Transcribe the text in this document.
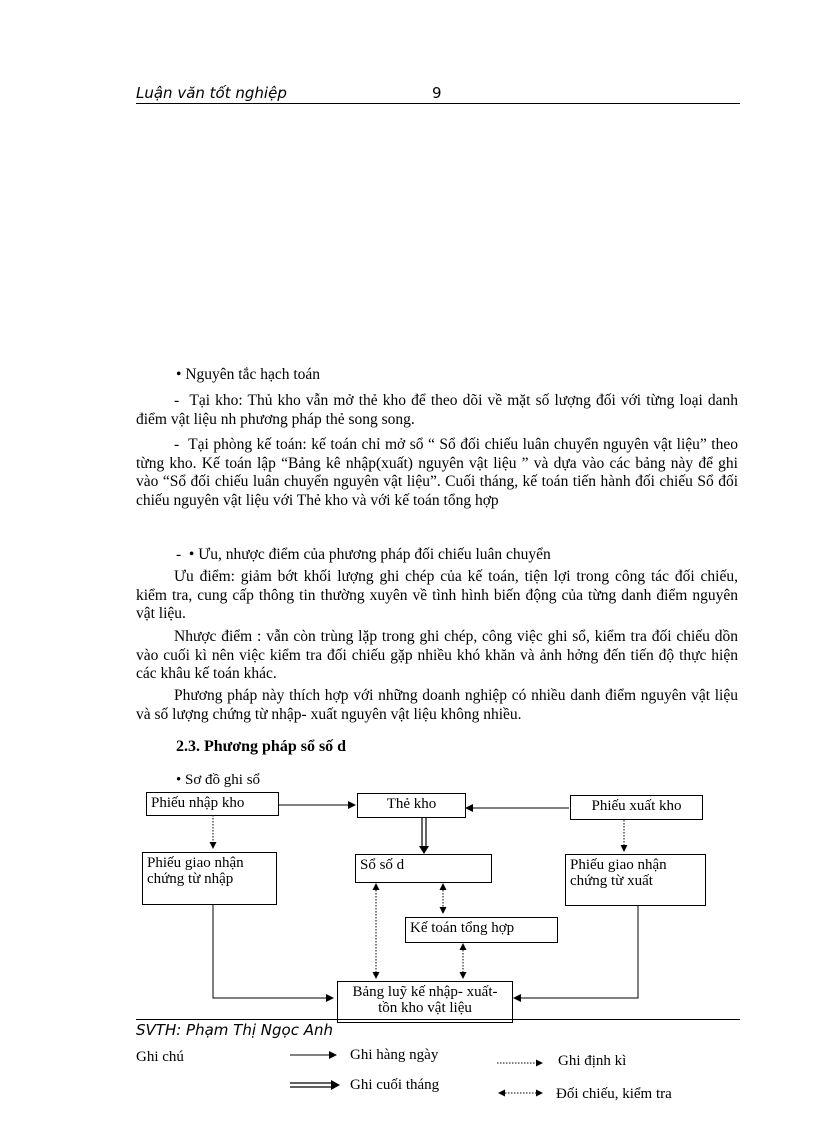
Luận văn tốt nghiệp	9
• Nguyên tắc hạch toán
-  Tại kho: Thủ kho vẫn mở thẻ kho để theo dõi về mặt số lượng đối với từng loại danh điểm vật liệu nh phương pháp thẻ song song.
-  Tại phòng kế toán: kế toán chỉ mở sổ “ Sổ đối chiếu luân chuyển nguyên vật liệu” theo từng kho. Kế toán lập “Bảng kê nhập(xuất) nguyên vật liệu ” và dựa vào các bảng này để ghi vào “Sổ đối chiếu luân chuyển nguyên vật liệu”. Cuối tháng, kế toán tiến hành đối chiếu Sổ đối chiếu nguyên vật liệu với Thẻ kho và với kế toán tổng hợp
-  • Ưu, nhược điểm của phương pháp đối chiếu luân chuyển
Ưu điểm: giảm bớt khối lượng ghi chép của kế toán, tiện lợi trong công tác đối chiếu, kiểm tra, cung cấp thông tin thường xuyên về tình hình biến động của từng danh điểm nguyên vật liệu.
Nhược điểm : vẫn còn trùng lặp trong ghi chép, công việc ghi sổ, kiểm tra đối chiếu dồn vào cuối kì nên việc kiểm tra đối chiếu gặp nhiều khó khăn và ảnh hởng đến tiến độ thực hiện các khâu kế toán khác.
Phương pháp này thích hợp với những doanh nghiệp có nhiều danh điểm nguyên vật liệu và số lượng chứng từ nhập- xuất nguyên vật liệu không nhiều.
2.3. Phương pháp sổ số d
• Sơ đồ ghi sổ
Phiếu nhập kho	Thẻ kho	Phiếu xuất kho
Phiếu giao nhận chứng từ nhập
Sổ số d	Phiếu giao nhận chứng từ xuất
Kế toán tổng hợp
Bảng luỹ kế nhập- xuất- tồn kho vật liệu
SVTH: Phạm Thị Ngọc Anh
Ghi chú	Ghi hàng ngày
Ghi cuối tháng
Ghi định kì
Đối chiếu, kiểm tra
